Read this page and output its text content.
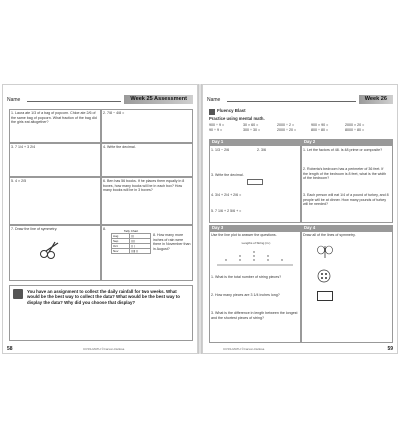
Name	Week 25 Assessment
1. Laura ate 1/3 of a bag of popcorn. Chloe ate 2/6 of the same bag of popcorn. What fraction of the bag did the girls eat altogether?
2. 7/8 − 4/8 =
3. 7 1/4 + 3 2/4	4. Write the decimal.
5. 4 × 2/5	6. Ben has 56 books. If he places them equally in 8 boxes, how many books will be in each box? How many books will be in 3 boxes?
7. Draw the line of symmetry.	8.	Tally Chart
Aug	|||
Sep	||||
Oct	|| |
Nov	||||| ||
8. How many more inches of rain were there in November than in August?
You have an assignment to collect the daily rainfall for two weeks. What would be the best way to collect the data? What would be the best way to display the data? Why did you choose that display?
CCSS-MATH ©Carson-Dellosa
58
Name	Week 26
Fluency Blast
Practice using mental math.
900 ÷ 9 =	30 × 60 =	2000 ÷ 2 =	900 × 90 =	2000 × 20 =
90 ÷ 9 =	300 ÷ 30 =	2000 ÷ 20 =	800 ÷ 80 =	8000 ÷ 80 =
Day 1	Day 2
1. 1/3 − 2/6	2. 3/6
3. Write the decimal.
4. 3/4 + 2/4 + 2/6 =
5. 7 1/6 + 2 5/6 + =
1. Let the factors of 48. Is 48 prime or composite?
2. Roberta's bedroom has a perimeter of 36 feet. If the length of the bedroom is 8 feet, what is the width of the bedroom?
3. Each person will eat 1/4 of a pound of turkey, and 8 people will be at dinner. How many pounds of turkey will be needed?
Day 3	Day 4
Use the line plot to answer the questions.
Lengths of String (in.)
x	x
x
x
x
x
x
x
x
1. What is the total number of string pieces?
2. How many pieces are 3 1/4 inches long?
3. What is the difference in length between the longest and the shortest pieces of string?
Draw all of the lines of symmetry.
CCSS-MATH ©Carson-Dellosa	59
